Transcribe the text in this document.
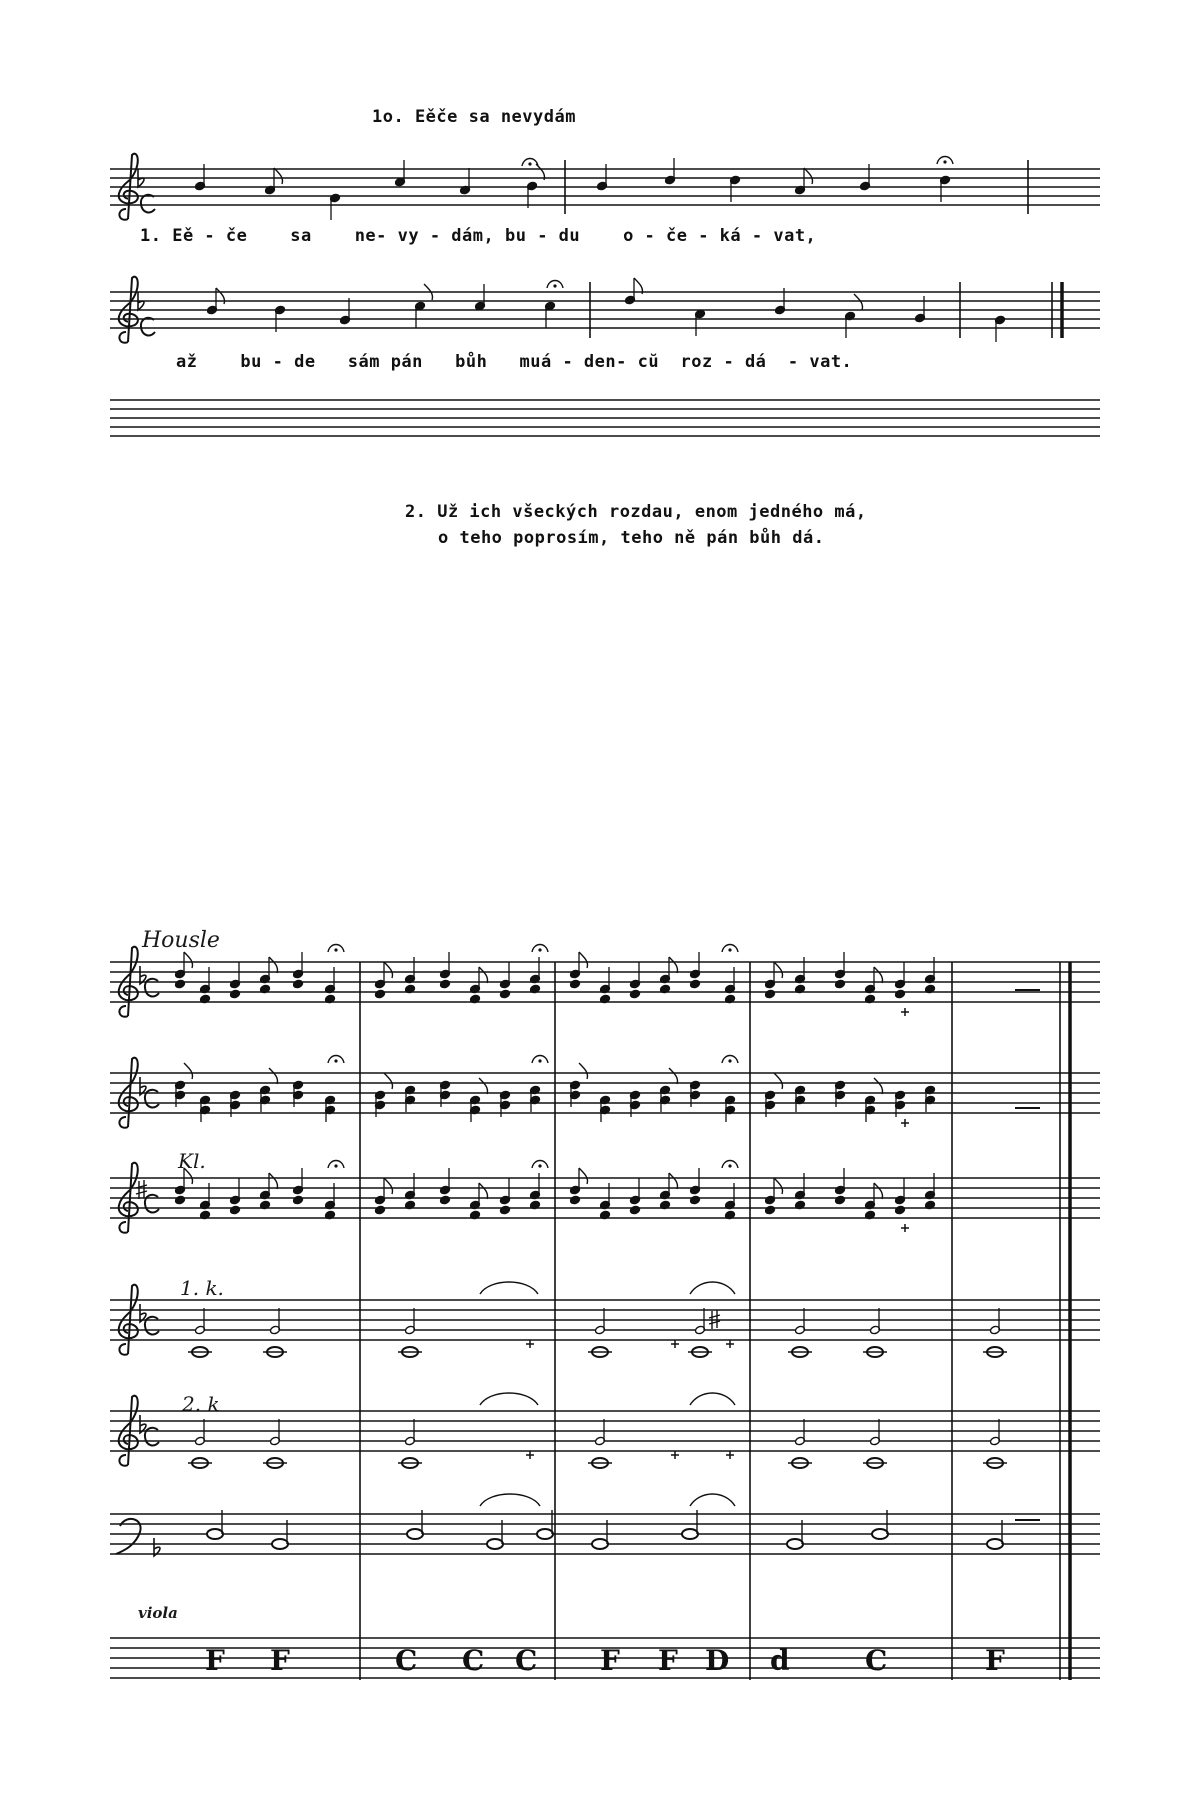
1o. Eěče sa nevydám
1. Eě - če    sa    ne- vy - dám, bu - du    o - če - ká - vat,
až    bu - de   sám pán   bůh   muá - den- cŭ  roz - dá  - vat.
2. Už ich všeckých rozdau, enom jedného má,
o teho poprosím, teho ně pán bůh dá.
Housle
Kl.
1. k.
2. k
viola
F F	C C C F F D d	C	F
